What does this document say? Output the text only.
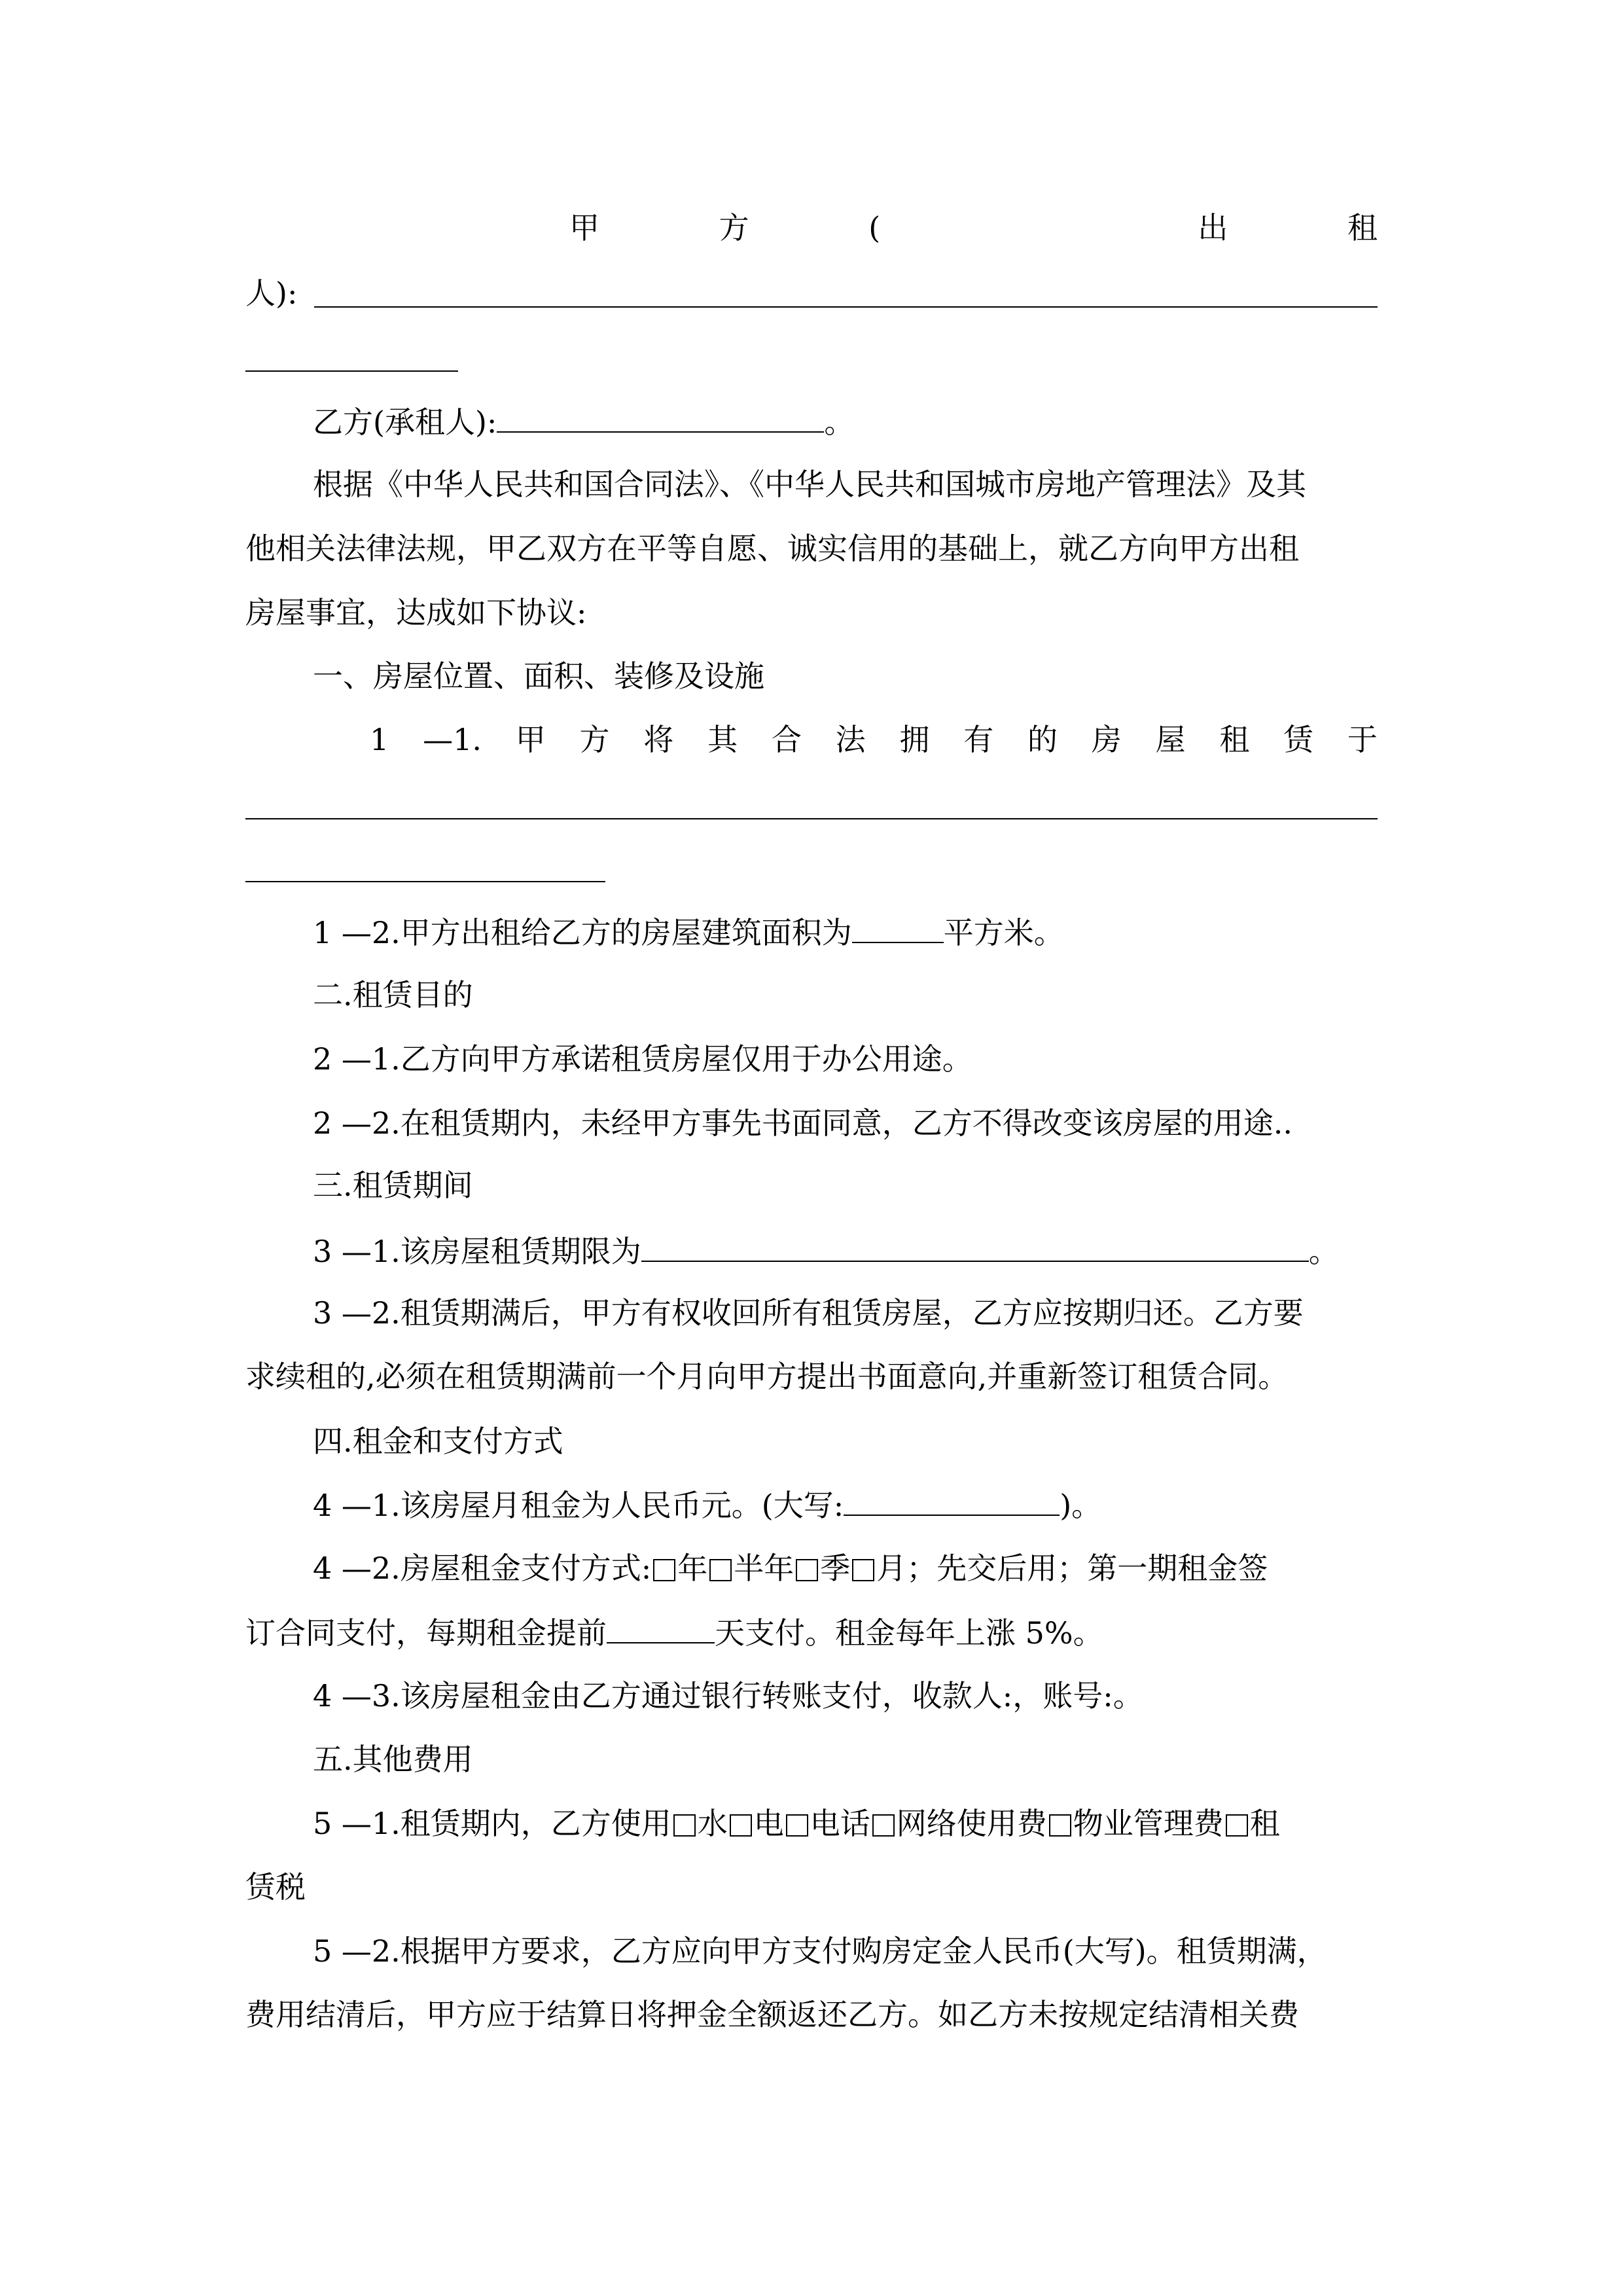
甲	方	(	出	租
人):
乙方(承租人):	。
根据《中华人民共和国合同法》、《中华人民共和国城市房地产管理法》及其
他相关法律法规，甲乙双方在平等自愿、诚实信用的基础上，就乙方向甲方出租
房屋事宜，达成如下协议:
一、房屋位置、面积、装修及设施
1 —1. 甲 方 将 其 合 法 拥 有 的 房 屋 租 赁 于
1 —2.甲方出租给乙方的房屋建筑面积为	平方米。
二.租赁目的
2 —1.乙方向甲方承诺租赁房屋仅用于办公用途。
2 —2.在租赁期内，未经甲方事先书面同意，乙方不得改变该房屋的用途..
三.租赁期间
3 —1.该房屋租赁期限为	。
3 —2.租赁期满后，甲方有权收回所有租赁房屋，乙方应按期归还。乙方要
求续租的,必须在租赁期满前一个月向甲方提出书面意向,并重新签订租赁合同。
四.租金和支付方式
4 —1.该房屋月租金为人民币元。(大写:	)。
4 —2.房屋租金支付方式: 年 半年 季 月；先交后用；第一期租金签
订合同支付，每期租金提前	天支付。租金每年上涨 5%。
4 —3.该房屋租金由乙方通过银行转账支付，收款人:，账号:。
五.其他费用
5 —1.租赁期内，乙方使用 水 电 电话 网络使用费 物业管理费 租
赁税
5 —2.根据甲方要求，乙方应向甲方支付购房定金人民币(大写)。租赁期满，
费用结清后，甲方应于结算日将押金全额返还乙方。如乙方未按规定结清相关费
